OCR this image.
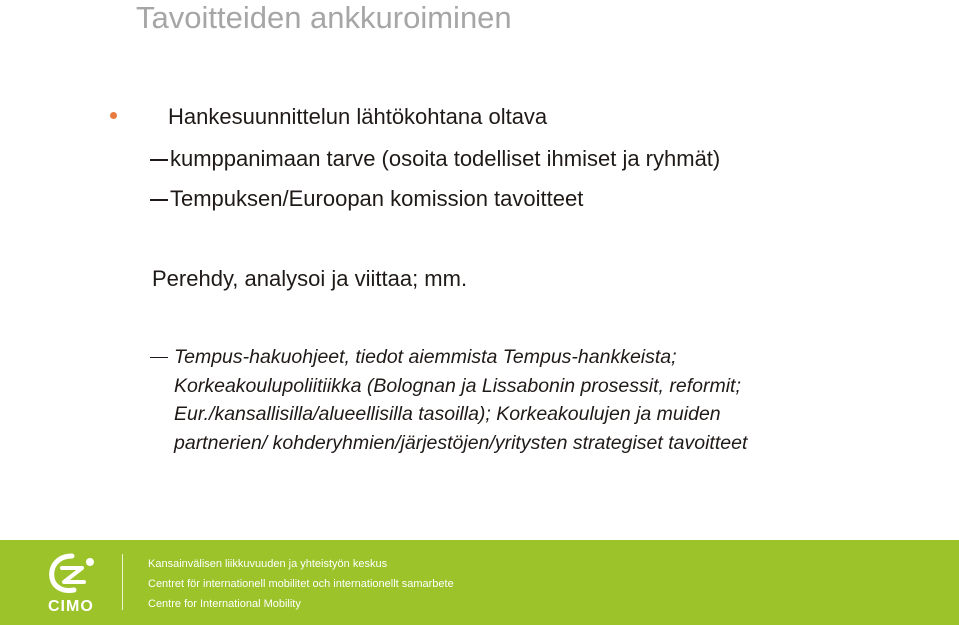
Tavoitteiden ankkuroiminen
Hankesuunnittelun lähtökohtana oltava
kumppanimaan tarve (osoita todelliset ihmiset ja ryhmät)
Tempuksen/Euroopan komission tavoitteet
Perehdy, analysoi ja viittaa; mm.
Tempus-hakuohjeet, tiedot aiemmista Tempus-hankkeista;
Korkeakoulupoliitiikka (Bolognan ja Lissabonin prosessit, reformit;
Eur./kansallisilla/alueellisilla tasoilla); Korkeakoulujen ja muiden
partnerien/ kohderyhmien/järjestöjen/yritysten strategiset tavoitteet
CIMO
Kansainvälisen liikkuvuuden ja yhteistyön keskus
Centret för internationell mobilitet och internationellt samarbete
Centre for International Mobility
